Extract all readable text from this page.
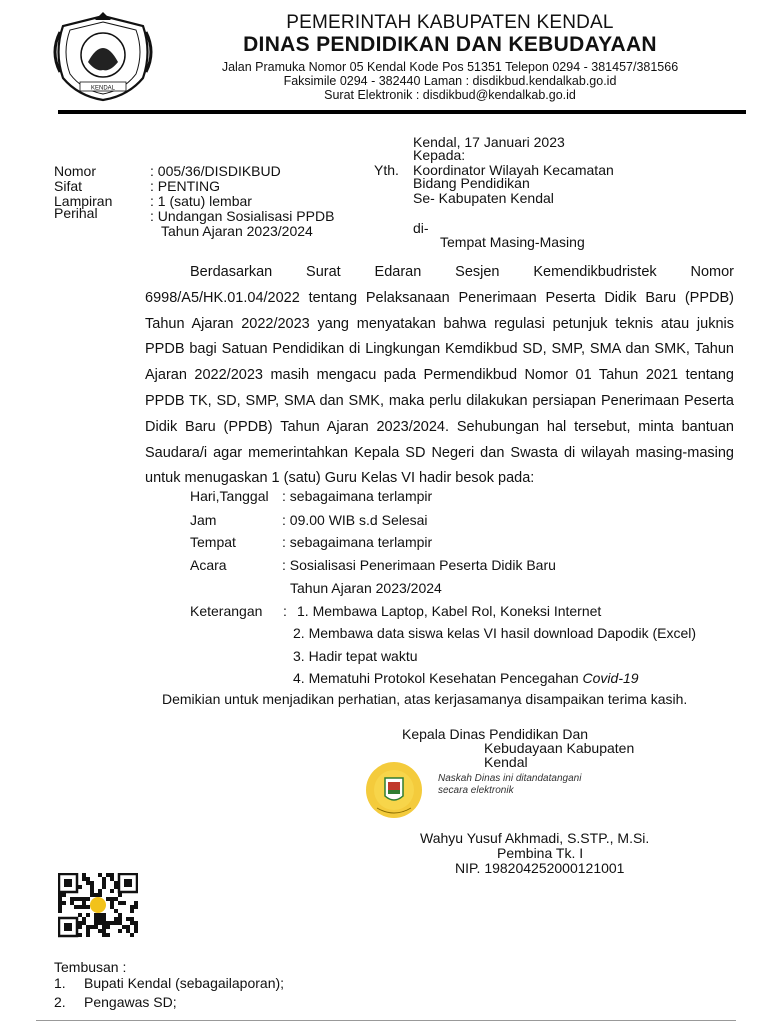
KENDAL
PEMERINTAH KABUPATEN KENDAL
DINAS PENDIDIKAN DAN KEBUDAYAAN
Jalan Pramuka Nomor 05 Kendal Kode Pos 51351 Telepon 0294 - 381457/381566
Faksimile 0294 - 382440 Laman : disdikbud.kendalkab.go.id
Surat Elektronik : disdikbud@kendalkab.go.id
Kendal, 17 Januari 2023
Kepada:
Yth. Koordinator Wilayah Kecamatan
Bidang Pendidikan
Se- Kabupaten Kendal
di-
Tempat Masing-Masing
Nomor	: 005/36/DISDIKBUD
Sifat	: PENTING
Lampiran	: 1 (satu) lembar
Perihal	: Undangan Sosialisasi PPDB
Tahun Ajaran 2023/2024

Berdasarkan Surat Edaran Sesjen Kemendikbudristek Nomor 6998/A5/HK.01.04/2022 tentang Pelaksanaan Penerimaan Peserta Didik Baru (PPDB) Tahun Ajaran 2022/2023 yang menyatakan bahwa regulasi petunjuk teknis atau juknis PPDB bagi Satuan Pendidikan di Lingkungan Kemdikbud SD, SMP, SMA dan SMK, Tahun Ajaran 2022/2023 masih mengacu pada Permendikbud Nomor 01 Tahun 2021 tentang PPDB TK, SD, SMP, SMA dan SMK, maka perlu dilakukan persiapan Penerimaan Peserta Didik Baru (PPDB) Tahun Ajaran 2023/2024. Sehubungan hal tersebut, minta bantuan Saudara/i agar memerintahkan Kepala SD Negeri dan Swasta di wilayah masing-masing untuk menugaskan 1 (satu) Guru Kelas VI hadir besok pada:

Hari,Tanggal : sebagaimana terlampir
Jam	: 09.00 WIB s.d Selesai
Tempat	: sebagaimana terlampir
Acara	: Sosialisasi Penerimaan Peserta Didik Baru
Tahun Ajaran 2023/2024
Keterangan : 1. Membawa Laptop, Kabel Rol, Koneksi Internet
2. Membawa data siswa kelas VI hasil download Dapodik (Excel)
3. Hadir tepat waktu
4. Mematuhi Protokol Kesehatan Pencegahan Covid-19
Demikian untuk menjadikan perhatian, atas kerjasamanya disampaikan terima kasih.
Kepala Dinas Pendidikan Dan
Kebudayaan Kabupaten
Kendal
Naskah Dinas ini ditandatangani
secara elektronik
Wahyu Yusuf Akhmadi, S.STP., M.Si.
Pembina Tk. I
NIP. 198204252000121001
Tembusan :
1. Bupati Kendal (sebagailaporan);
2. Pengawas SD;
